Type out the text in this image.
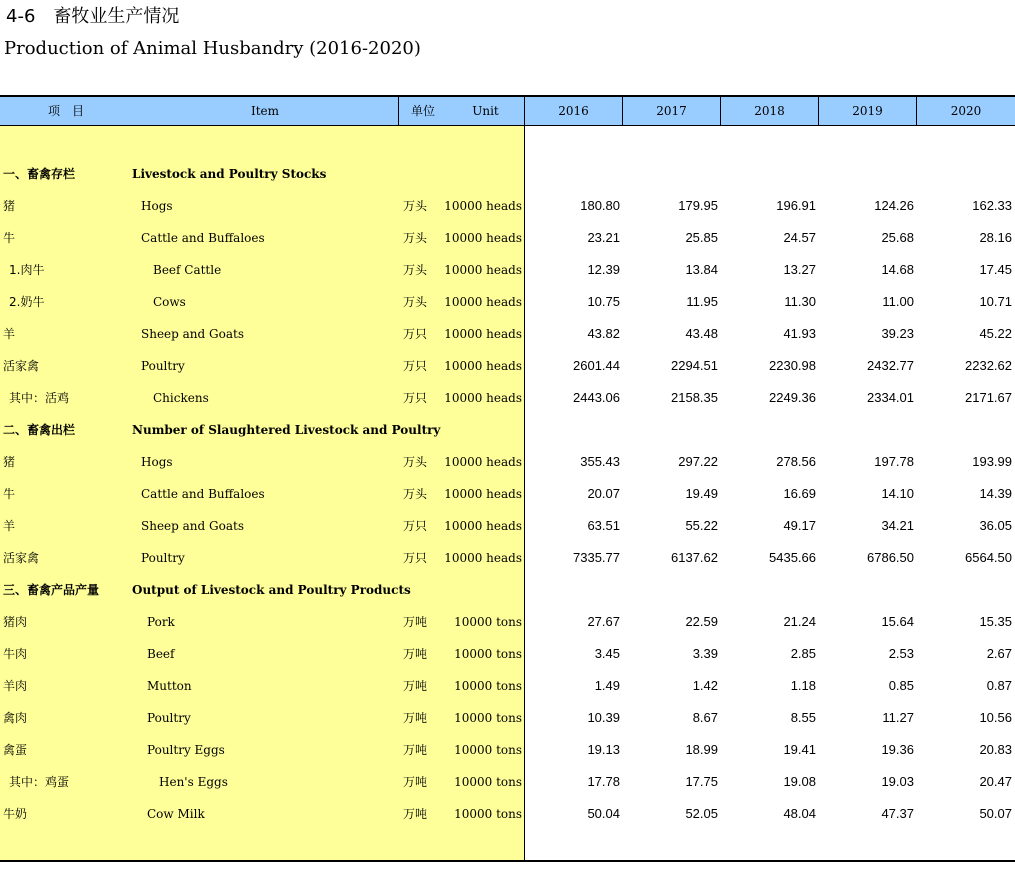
4-6　畜牧业生产情况
Production of Animal Husbandry (2016-2020)
项　目	Item	单位	Unit	2016	2017	2018	2019	2020
一、畜禽存栏	Livestock and Poultry Stocks
猪	Hogs	万头 10000 heads	180.80	179.95	196.91	124.26	162.33
牛	Cattle and Buffaloes	万头 10000 heads	23.21	25.85	24.57	25.68	28.16
1.肉牛	Beef Cattle	万头 10000 heads	12.39	13.84	13.27	14.68	17.45
2.奶牛	Cows	万头 10000 heads	10.75	11.95	11.30	11.00	10.71
羊	Sheep and Goats	万只 10000 heads	43.82	43.48	41.93	39.23	45.22
活家禽	Poultry	万只 10000 heads	2601.44	2294.51	2230.98	2432.77	2232.62
其中：活鸡	Chickens	万只 10000 heads	2443.06	2158.35	2249.36	2334.01	2171.67
二、畜禽出栏	Number of Slaughtered Livestock and Poultry
猪	Hogs	万头 10000 heads	355.43	297.22	278.56	197.78	193.99
牛	Cattle and Buffaloes	万头 10000 heads	20.07	19.49	16.69	14.10	14.39
羊	Sheep and Goats	万只 10000 heads	63.51	55.22	49.17	34.21	36.05
活家禽	Poultry	万只 10000 heads	7335.77	6137.62	5435.66	6786.50	6564.50
三、畜禽产品产量	Output of Livestock and Poultry Products
猪肉	Pork	万吨 10000 tons	27.67	22.59	21.24	15.64	15.35
牛肉	Beef	万吨 10000 tons	3.45	3.39	2.85	2.53	2.67
羊肉	Mutton	万吨 10000 tons	1.49	1.42	1.18	0.85	0.87
禽肉	Poultry	万吨 10000 tons	10.39	8.67	8.55	11.27	10.56
禽蛋	Poultry Eggs	万吨 10000 tons	19.13	18.99	19.41	19.36	20.83
其中：鸡蛋	Hen's Eggs	万吨 10000 tons	17.78	17.75	19.08	19.03	20.47
牛奶	Cow Milk	万吨 10000 tons	50.04	52.05	48.04	47.37	50.07
